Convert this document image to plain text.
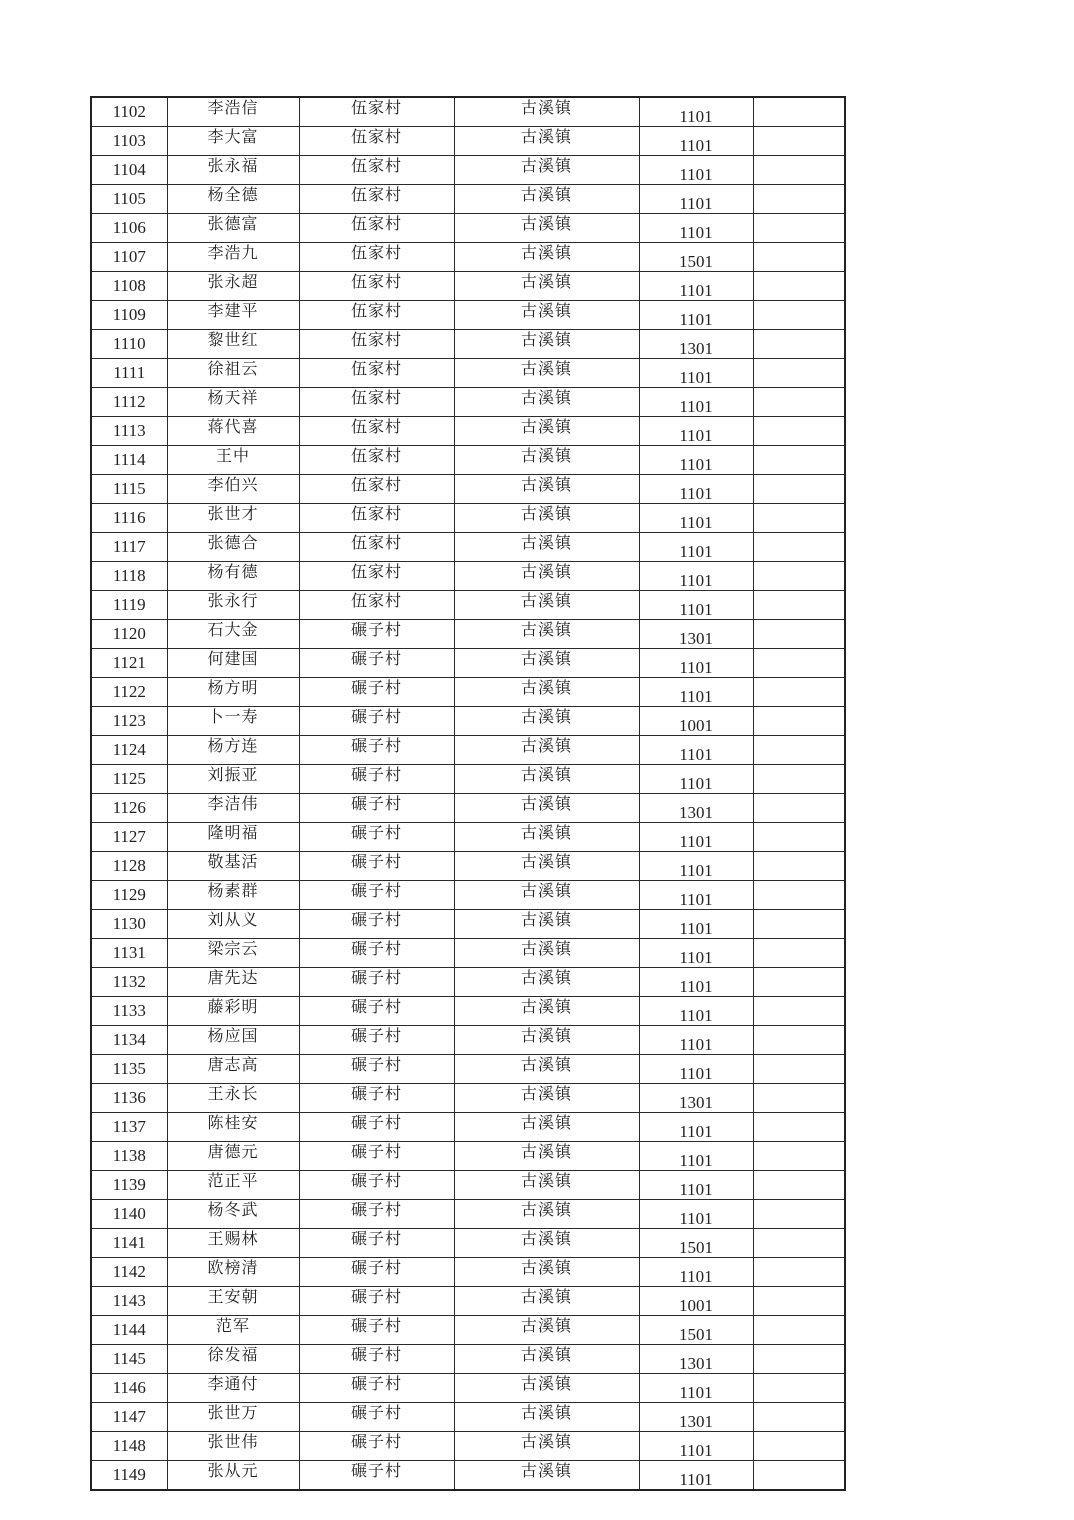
1102	李浩信	伍家村	古溪镇	1101	
1103	李大富	伍家村	古溪镇	1101	
1104	张永福	伍家村	古溪镇	1101	
1105	杨全德	伍家村	古溪镇	1101	
1106	张德富	伍家村	古溪镇	1101	
1107	李浩九	伍家村	古溪镇	1501	
1108	张永超	伍家村	古溪镇	1101	
1109	李建平	伍家村	古溪镇	1101	
1110	黎世红	伍家村	古溪镇	1301	
1111	徐祖云	伍家村	古溪镇	1101	
1112	杨天祥	伍家村	古溪镇	1101	
1113	蒋代喜	伍家村	古溪镇	1101	
1114	王中	伍家村	古溪镇	1101	
1115	李伯兴	伍家村	古溪镇	1101	
1116	张世才	伍家村	古溪镇	1101	
1117	张德合	伍家村	古溪镇	1101	
1118	杨有德	伍家村	古溪镇	1101	
1119	张永行	伍家村	古溪镇	1101	
1120	石大金	碾子村	古溪镇	1301	
1121	何建国	碾子村	古溪镇	1101	
1122	杨方明	碾子村	古溪镇	1101	
1123	卜一寿	碾子村	古溪镇	1001	
1124	杨方连	碾子村	古溪镇	1101	
1125	刘振亚	碾子村	古溪镇	1101	
1126	李洁伟	碾子村	古溪镇	1301	
1127	隆明福	碾子村	古溪镇	1101	
1128	敬基活	碾子村	古溪镇	1101	
1129	杨素群	碾子村	古溪镇	1101	
1130	刘从义	碾子村	古溪镇	1101	
1131	梁宗云	碾子村	古溪镇	1101	
1132	唐先达	碾子村	古溪镇	1101	
1133	藤彩明	碾子村	古溪镇	1101	
1134	杨应国	碾子村	古溪镇	1101	
1135	唐志高	碾子村	古溪镇	1101	
1136	王永长	碾子村	古溪镇	1301	
1137	陈桂安	碾子村	古溪镇	1101	
1138	唐德元	碾子村	古溪镇	1101	
1139	范正平	碾子村	古溪镇	1101	
1140	杨冬武	碾子村	古溪镇	1101	
1141	王赐林	碾子村	古溪镇	1501	
1142	欧榜清	碾子村	古溪镇	1101	
1143	王安朝	碾子村	古溪镇	1001	
1144	范军	碾子村	古溪镇	1501	
1145	徐发福	碾子村	古溪镇	1301	
1146	李通付	碾子村	古溪镇	1101	
1147	张世万	碾子村	古溪镇	1301	
1148	张世伟	碾子村	古溪镇	1101	
1149	张从元	碾子村	古溪镇	1101	
